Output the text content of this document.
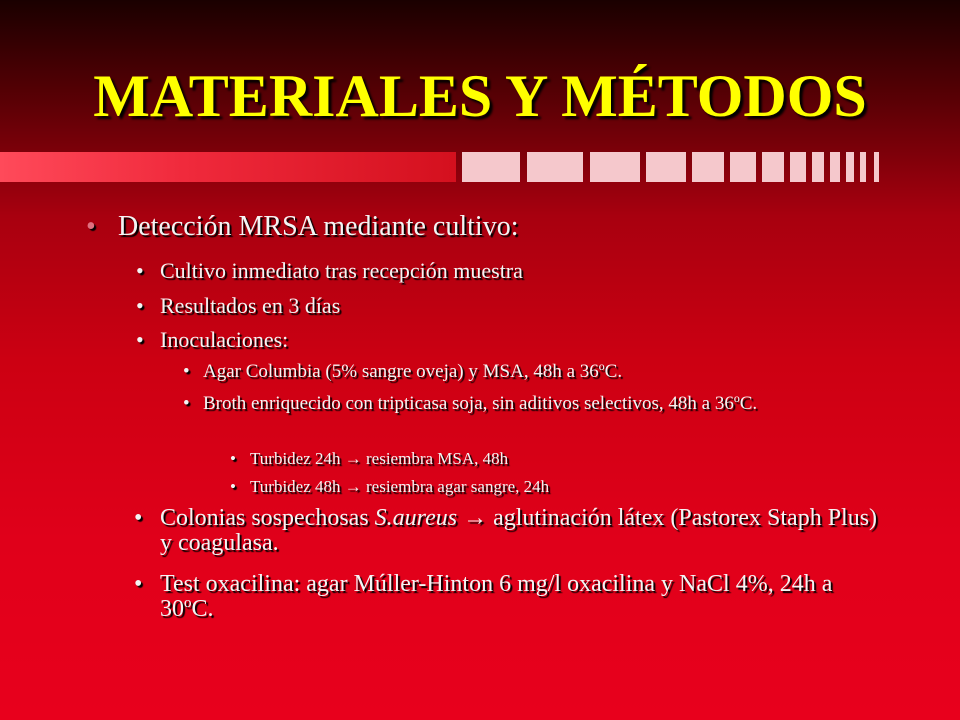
MATERIALES Y MÉTODOS
• Detección MRSA mediante cultivo:
• Cultivo inmediato tras recepción muestra
• Resultados en 3 días
• Inoculaciones:
• Agar Columbia (5% sangre oveja) y MSA, 48h a 36ºC.
• Broth enriquecido con tripticasa soja, sin aditivos selectivos, 48h a 36ºC.
• Turbidez 24h → resiembra MSA, 48h
• Turbidez 48h → resiembra agar sangre, 24h
• Colonias sospechosas S.aureus → aglutinación látex (Pastorex Staph Plus) y coagulasa.
• Test oxacilina: agar Múller-Hinton 6 mg/l oxacilina y NaCl 4%, 24h a 30ºC.
